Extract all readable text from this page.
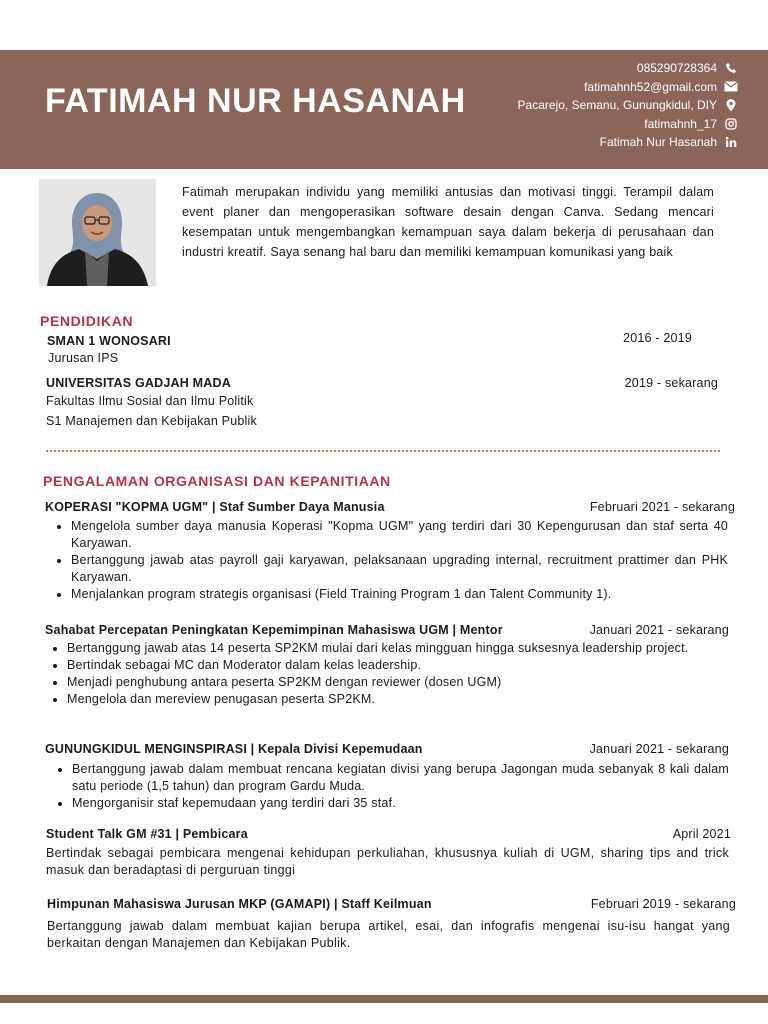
FATIMAH NUR HASANAH
085290728364
fatimahnh52@gmail.com
Pacarejo, Semanu, Gunungkidul, DIY
fatimahnh_17
Fatimah Nur Hasanah
Fatimah merupakan individu yang memiliki antusias dan motivasi tinggi. Terampil dalam event planer dan mengoperasikan software desain dengan Canva. Sedang mencari kesempatan untuk mengembangkan kemampuan saya dalam bekerja di perusahaan dan industri kreatif. Saya senang hal baru dan memiliki kemampuan komunikasi yang baik
PENDIDIKAN
SMAN 1 WONOSARI	2016 - 2019
Jurusan IPS
UNIVERSITAS GADJAH MADA	2019 - sekarang
Fakultas Ilmu Sosial dan Ilmu Politik
S1 Manajemen dan Kebijakan Publik
PENGALAMAN ORGANISASI DAN KEPANITIAAN
KOPERASI "KOPMA UGM" | Staf Sumber Daya Manusia	Februari 2021 - sekarang
• Mengelola sumber daya manusia Koperasi "Kopma UGM" yang terdiri dari 30 Kepengurusan dan staf serta 40 Karyawan.
• Bertanggung jawab atas payroll gaji karyawan, pelaksanaan upgrading internal, recruitment prattimer dan PHK Karyawan.
• Menjalankan program strategis organisasi (Field Training Program 1 dan Talent Community 1).
Sahabat Percepatan Peningkatan Kepemimpinan Mahasiswa UGM | Mentor	Januari 2021 - sekarang
• Bertanggung jawab atas 14 peserta SP2KM mulai dari kelas mingguan hingga suksesnya leadership project.
• Bertindak sebagai MC dan Moderator dalam kelas leadership.
• Menjadi penghubung antara peserta SP2KM dengan reviewer (dosen UGM)
• Mengelola dan mereview penugasan peserta SP2KM.
GUNUNGKIDUL MENGINSPIRASI | Kepala Divisi Kepemudaan	Januari 2021 - sekarang
• Bertanggung jawab dalam membuat rencana kegiatan divisi yang berupa Jagongan muda sebanyak 8 kali dalam satu periode (1,5 tahun) dan program Gardu Muda.
• Mengorganisir staf kepemudaan yang terdiri dari 35 staf.
Student Talk GM #31 | Pembicara	April 2021
Bertindak sebagai pembicara mengenai kehidupan perkuliahan, khususnya kuliah di UGM, sharing tips and trick masuk dan beradaptasi di perguruan tinggi
Himpunan Mahasiswa Jurusan MKP (GAMAPI) | Staff Keilmuan	Februari 2019 - sekarang
Bertanggung jawab dalam membuat kajian berupa artikel, esai, dan infografis mengenai isu-isu hangat yang berkaitan dengan Manajemen dan Kebijakan Publik.
